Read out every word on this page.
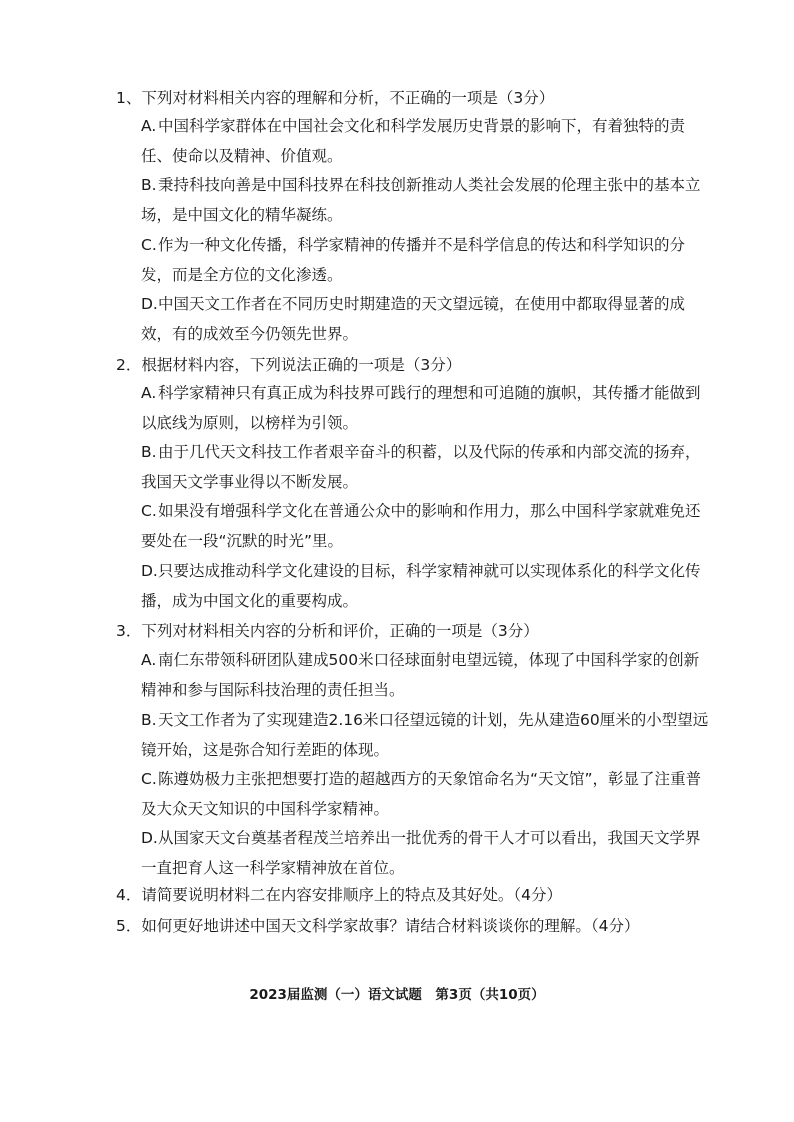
1、下列对材料相关内容的理解和分析，不正确的一项是（3分）

A. 中国科学家群体在中国社会文化和科学发展历史背景的影响下，有着独特的责任、使命以及精神、价值观。

B.秉持科技向善是中国科技界在科技创新推动人类社会发展的伦理主张中的基本立场，是中国文化的精华凝练。

C.作为一种文化传播，科学家精神的传播并不是科学信息的传达和科学知识的分发，而是全方位的文化渗透。

D.中国天文工作者在不同历史时期建造的天文望远镜，在使用中都取得显著的成效，有的成效至今仍领先世界。

2．根据材料内容，下列说法正确的一项是（3分）

A. 科学家精神只有真正成为科技界可践行的理想和可追随的旗帜，其传播才能做到以底线为原则，以榜样为引领。

B.由于几代天文科技工作者艰辛奋斗的积蓄，以及代际的传承和内部交流的扬弃，我国天文学事业得以不断发展。

C.如果没有增强科学文化在普通公众中的影响和作用力，那么中国科学家就难免还要处在一段“沉默的时光”里。

D.只要达成推动科学文化建设的目标，科学家精神就可以实现体系化的科学文化传播，成为中国文化的重要构成。

3．下列对材料相关内容的分析和评价，正确的一项是（3分）

A. 南仁东带领科研团队建成500米口径球面射电望远镜，体现了中国科学家的创新精神和参与国际科技治理的责任担当。

B.天文工作者为了实现建造2.16米口径望远镜的计划，先从建造60厘米的小型望远镜开始，这是弥合知行差距的体现。

C.陈遵妫极力主张把想要打造的超越西方的天象馆命名为“天文馆”，彰显了注重普及大众天文知识的中国科学家精神。

D.从国家天文台奠基者程茂兰培养出一批优秀的骨干人才可以看出，我国天文学界一直把育人这一科学家精神放在首位。

4．请简要说明材料二在内容安排顺序上的特点及其好处。（4分）
5．如何更好地讲述中国天文科学家故事？请结合材料谈谈你的理解。（4分）
2023届监测（一）语文试题　第3页（共10页）
